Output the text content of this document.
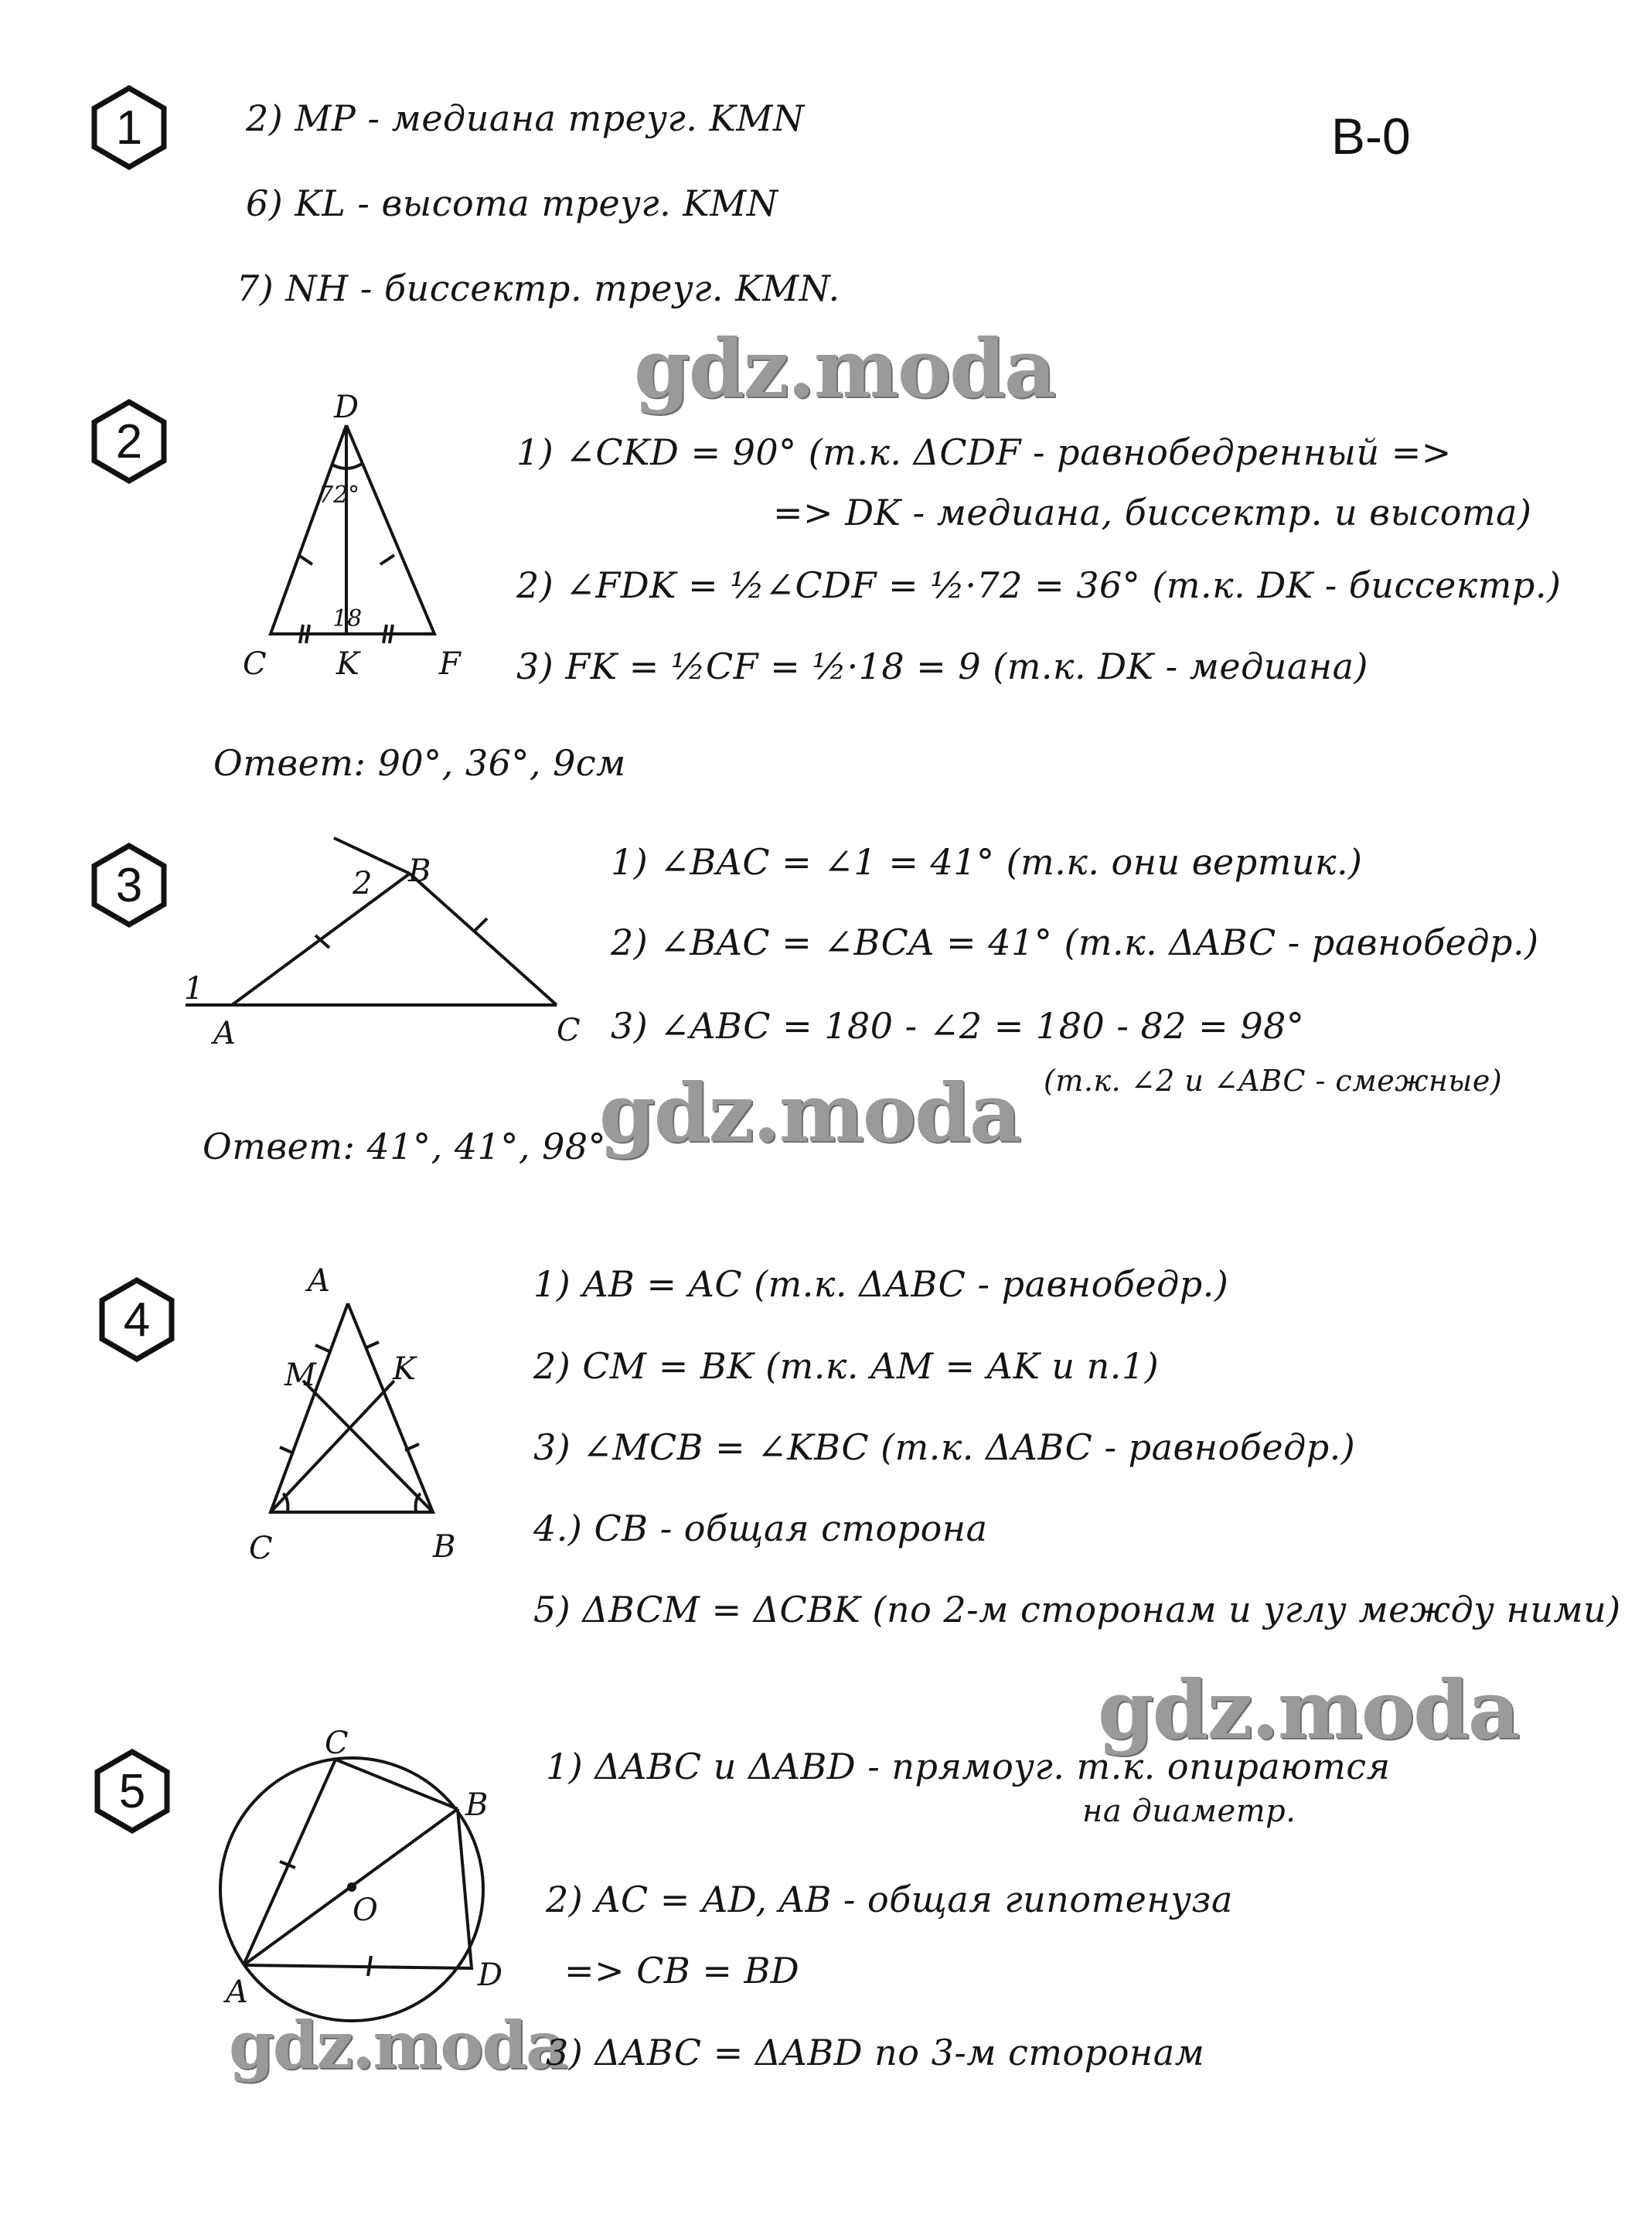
B-0
1	2) MP - медиана треуг. KMN
6) KL - высота треуг. KMN
7) NH - биссектр. треуг. KMN.
gdz.moda
2
D
72°
18
C K	F
1) ∠CKD = 90° (т.к. ΔCDF - равнобедренный =>
=> DK - медиана, биссектр. и высота)
2) ∠FDK = ½∠CDF = ½·72 = 36° (т.к. DK - биссектр.)
3) FK = ½CF = ½·18 = 9 (т.к. DK - медиана)
Ответ: 90°, 36°, 9см
3
1
A
2 B
C
1) ∠BAC = ∠1 = 41° (т.к. они вертик.)
2) ∠BAC = ∠BCA = 41° (т.к. ΔABC - равнобедр.)
3) ∠ABC = 180 - ∠2 = 180 - 82 = 98°
(т.к. ∠2 и ∠ABC - смежные)
gdz.moda
Ответ: 41°, 41°, 98°
4
A
M K
C	B
1) AB = AC (т.к. ΔABC - равнобедр.)
2) CM = BK (т.к. AM = AK и п.1)
3) ∠MCB = ∠KBC (т.к. ΔABC - равнобедр.)
4.) CB - общая сторона
5) ΔBCM = ΔCBK (по 2-м сторонам и углу между ними)
gdz.moda
5
C
B
O
D
A
1) ΔABC и ΔABD - прямоуг. т.к. опираются
на диаметр.
2) AC = AD, AB - общая гипотенуза
=> CB = BD
gdz.moda
3) ΔABC = ΔABD по 3-м сторонам
